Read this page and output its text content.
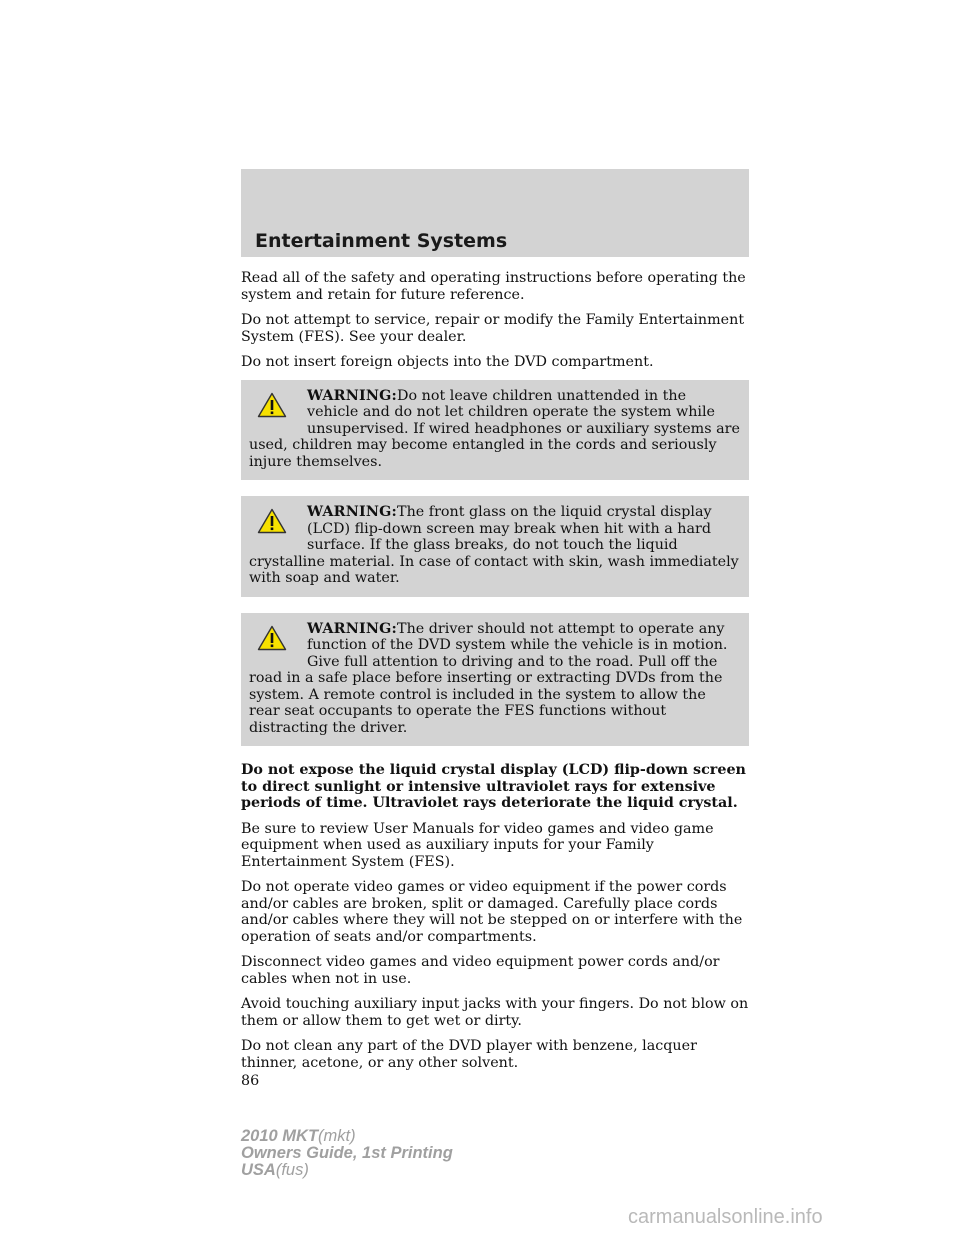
Entertainment Systems

Read all of the safety and operating instructions before operating the system and retain for future reference.

Do not attempt to service, repair or modify the Family Entertainment System (FES). See your dealer.

Do not insert foreign objects into the DVD compartment.

WARNING:Do not leave children unattended in the vehicle and do not let children operate the system while unsupervised. If wired headphones or auxiliary systems are used, children may become entangled in the cords and seriously injure themselves.
WARNING:The front glass on the liquid crystal display (LCD) flip-down screen may break when hit with a hard surface. If the glass breaks, do not touch the liquid crystalline material. In case of contact with skin, wash immediately with soap and water.
WARNING:The driver should not attempt to operate any function of the DVD system while the vehicle is in motion. Give full attention to driving and to the road. Pull off the road in a safe place before inserting or extracting DVDs from the system. A remote control is included in the system to allow the rear seat occupants to operate the FES functions without distracting the driver.

Do not expose the liquid crystal display (LCD) flip-down screen to direct sunlight or intensive ultraviolet rays for extensive periods of time. Ultraviolet rays deteriorate the liquid crystal.

Be sure to review User Manuals for video games and video game equipment when used as auxiliary inputs for your Family Entertainment System (FES).

Do not operate video games or video equipment if the power cords and/or cables are broken, split or damaged. Carefully place cords and/or cables where they will not be stepped on or interfere with the operation of seats and/or compartments.

Disconnect video games and video equipment power cords and/or cables when not in use.

Avoid touching auxiliary input jacks with your fingers. Do not blow on them or allow them to get wet or dirty.

Do not clean any part of the DVD player with benzene, lacquer thinner, acetone, or any other solvent.

86

2010 MKT(mkt)
Owners Guide, 1st Printing
USA(fus)
carmanualsonline.info
